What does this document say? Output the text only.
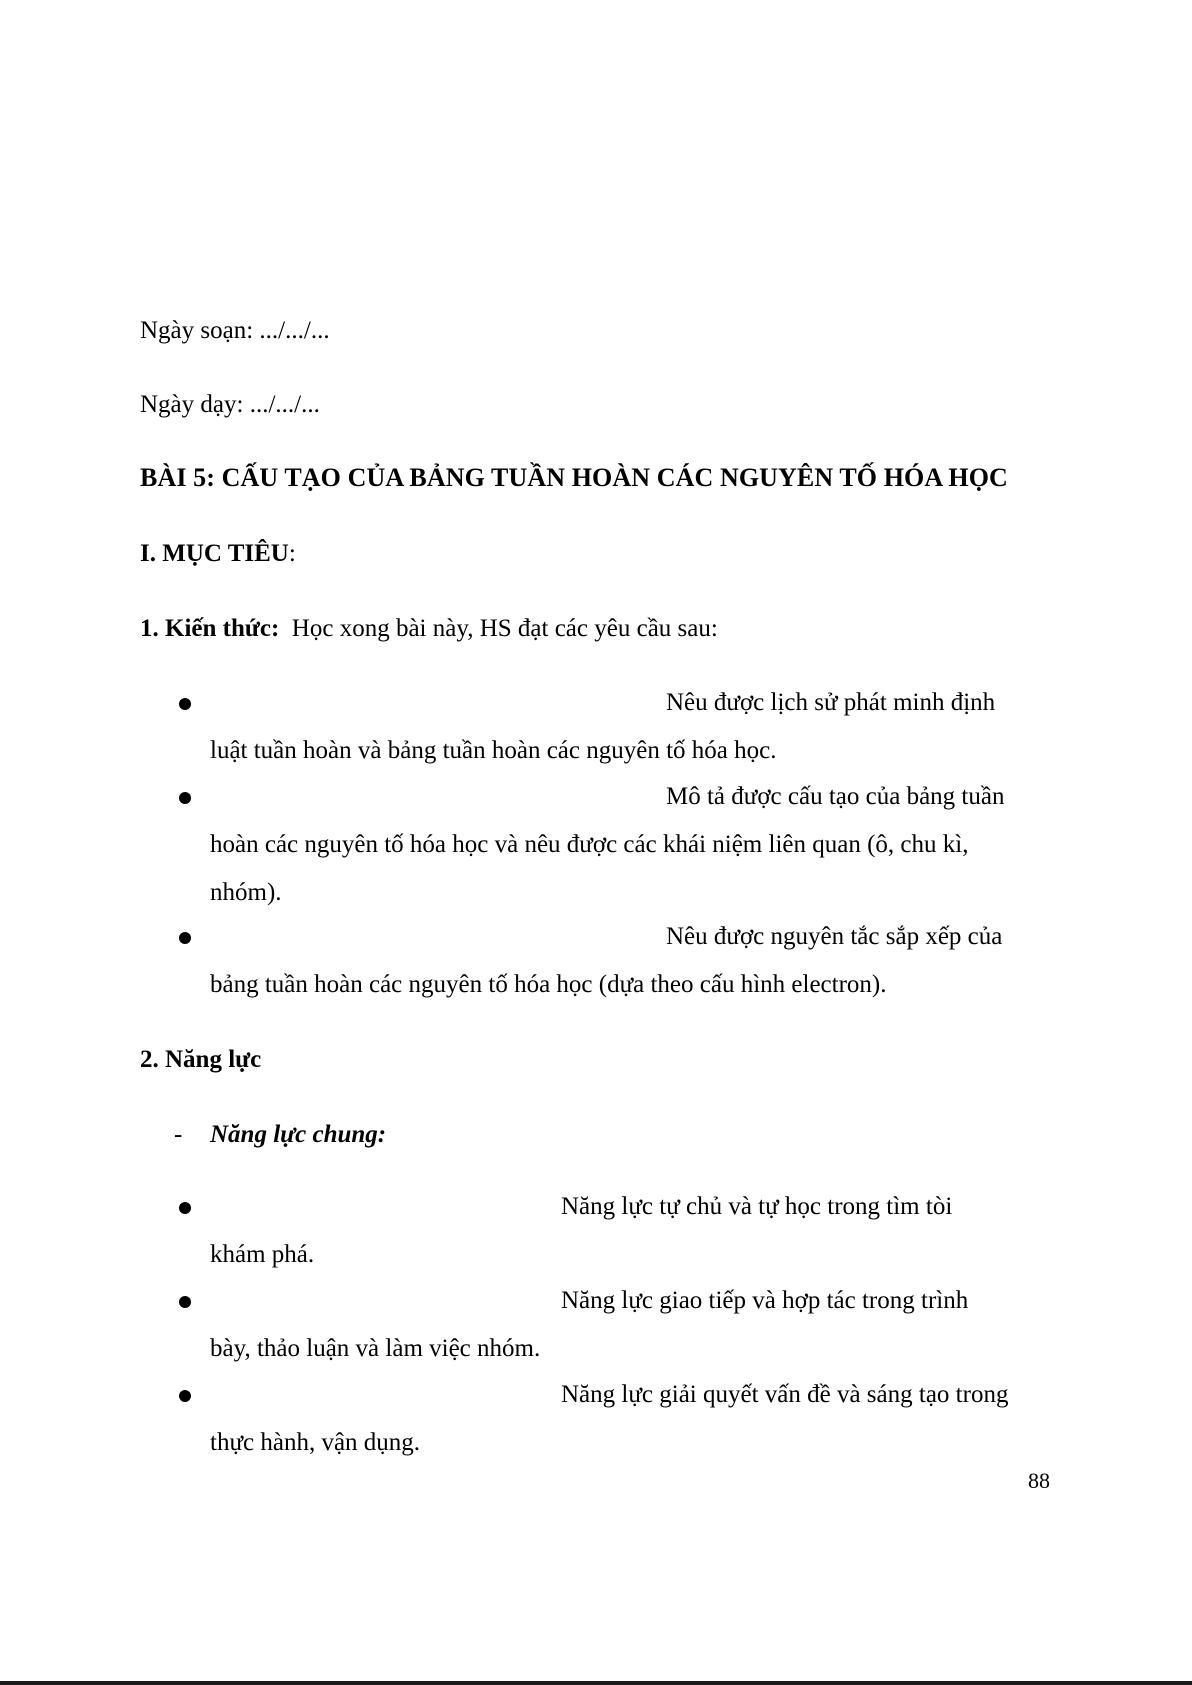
Ngày soạn: .../.../...
Ngày dạy: .../.../...
BÀI 5: CẤU TẠO CỦA BẢNG TUẦN HOÀN CÁC NGUYÊN TỐ HÓA HỌC
I. MỤC TIÊU:
1. Kiến thức: Học xong bài này, HS đạt các yêu cầu sau:
Nêu được lịch sử phát minh định
luật tuần hoàn và bảng tuần hoàn các nguyên tố hóa học.
Mô tả được cấu tạo của bảng tuần
hoàn các nguyên tố hóa học và nêu được các khái niệm liên quan (ô, chu kì,
nhóm).
Nêu được nguyên tắc sắp xếp của
bảng tuần hoàn các nguyên tố hóa học (dựa theo cấu hình electron).
2. Năng lực
- Năng lực chung:
Năng lực tự chủ và tự học trong tìm tòi
khám phá.
Năng lực giao tiếp và hợp tác trong trình
bày, thảo luận và làm việc nhóm.
Năng lực giải quyết vấn đề và sáng tạo trong
thực hành, vận dụng.
88
